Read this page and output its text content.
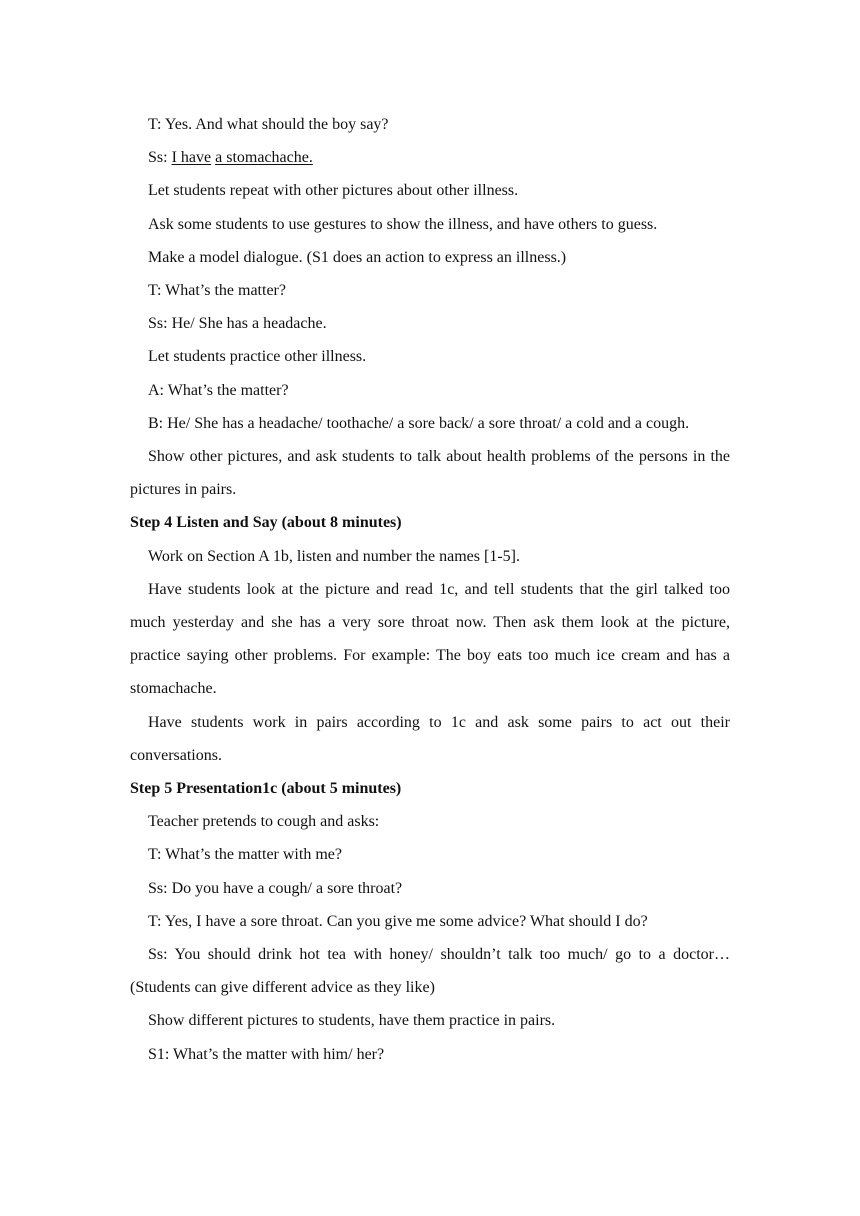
T: Yes. And what should the boy say?

Ss: I have a stomachache.

Let students repeat with other pictures about other illness.

Ask some students to use gestures to show the illness, and have others to guess.

Make a model dialogue. (S1 does an action to express an illness.)

T: What’s the matter?

Ss: He/ She has a headache.

Let students practice other illness.

A: What’s the matter?

B: He/ She has a headache/ toothache/ a sore back/ a sore throat/ a cold and a cough.

Show other pictures, and ask students to talk about health problems of the persons in the pictures in pairs.

Step 4 Listen and Say (about 8 minutes)

Work on Section A 1b, listen and number the names [1-5].

Have students look at the picture and read 1c, and tell students that the girl talked too much yesterday and she has a very sore throat now. Then ask them look at the picture, practice saying other problems. For example: The boy eats too much ice cream and has a stomachache.

Have students work in pairs according to 1c and ask some pairs to act out their conversations.

Step 5 Presentation1c (about 5 minutes)

Teacher pretends to cough and asks:

T: What’s the matter with me?

Ss: Do you have a cough/ a sore throat?

T: Yes, I have a sore throat. Can you give me some advice? What should I do?

Ss: You should drink hot tea with honey/ shouldn’t talk too much/ go to a doctor…(Students can give different advice as they like)

Show different pictures to students, have them practice in pairs.

S1: What’s the matter with him/ her?
